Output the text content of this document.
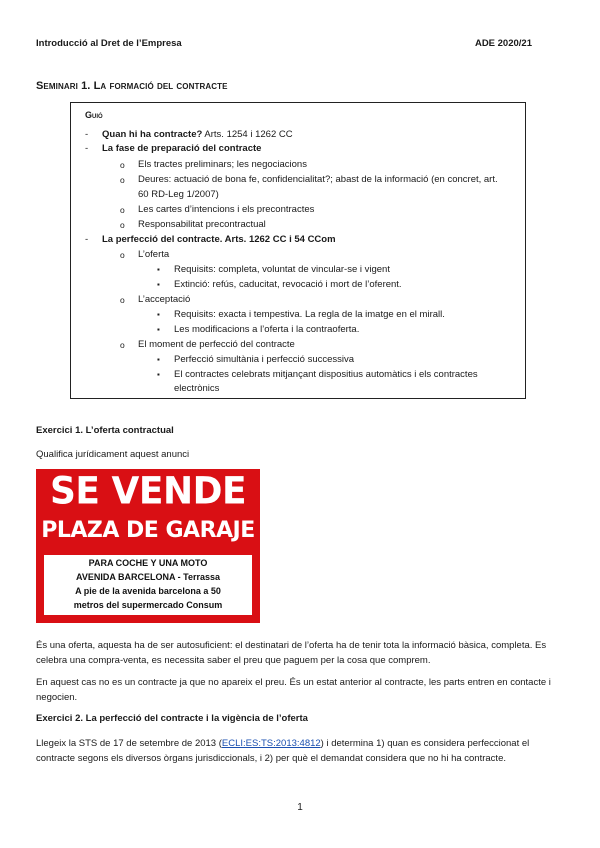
Introducció al Dret de l’Empresa	ADE 2020/21
Seminari 1. La formació del contracte
Guió
- Quan hi ha contracte? Arts. 1254 i 1262 CC
- La fase de preparació del contracte
o Els tractes preliminars; les negociacions
o Deures: actuació de bona fe, confidencialitat?; abast de la informació (en concret, art.
60 RD-Leg 1/2007)
o Les cartes d’intencions i els precontractes
o Responsabilitat precontractual
- La perfecció del contracte. Arts. 1262 CC i 54 CCom
o L’oferta
▪ Requisits: completa, voluntat de vincular-se i vigent
▪ Extinció: refús, caducitat, revocació i mort de l’oferent.
o L’acceptació
▪ Requisits: exacta i tempestiva. La regla de la imatge en el mirall.
▪ Les modificacions a l’oferta i la contraoferta.
o El moment de perfecció del contracte
▪ Perfecció simultània i perfecció successiva
▪ El contractes celebrats mitjançant dispositius automàtics i els contractes
electrònics
Exercici 1. L’oferta contractual
Qualifica jurídicament aquest anunci
SE VENDE
PLAZA DE GARAJE
PARA COCHE Y UNA MOTO
AVENIDA BARCELONA - Terrassa
A pie de la avenida barcelona a 50
metros del supermercado Consum
És una oferta, aquesta ha de ser autosuficient: el destinatari de l’oferta ha de tenir tota la informació bàsica, completa. Es celebra una compra-venta, es necessita saber el preu que paguem per la cosa que comprem.
En aquest cas no es un contracte ja que no apareix el preu. És un estat anterior al contracte, les parts entren en contacte i negocien.
Exercici 2. La perfecció del contracte i la vigència de l’oferta
Llegeix la STS de 17 de setembre de 2013 (ECLI:ES:TS:2013:4812) i determina 1) quan es considera perfeccionat el contracte segons els diversos òrgans jurisdiccionals, i 2) per què el demandat considera que no hi ha contracte.
1
